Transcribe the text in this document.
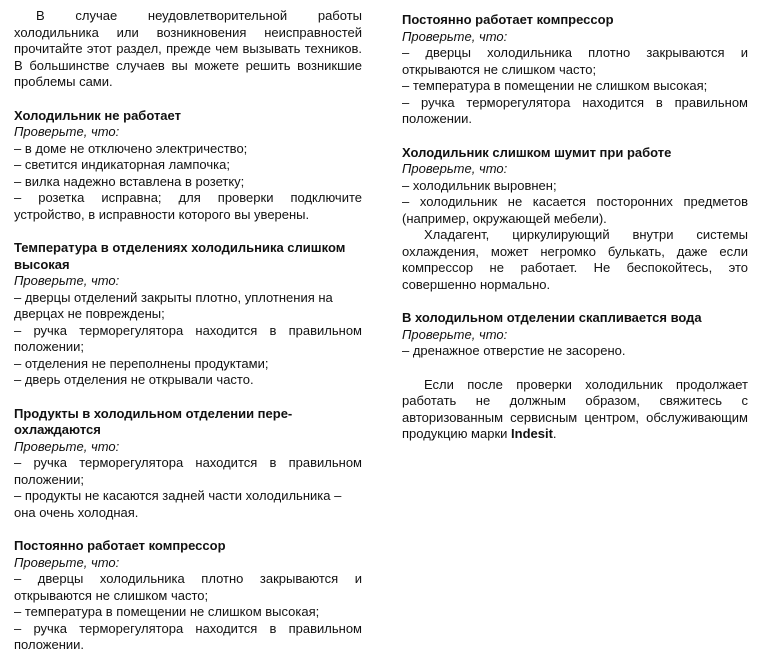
В случае неудовлетворительной работы холодильника или возникновения неисправностей прочитайте этот раздел, прежде чем вызывать техников. В большинстве случаев вы можете решить возникшие проблемы сами.

Холодильник не работает

Проверьте, что:

– в доме не отключено электричество;

– светится индикаторная лампочка;

– вилка надежно вставлена в розетку;

– розетка исправна; для проверки подключите устройство, в исправности которого вы уверены.

Температура в отделениях холодильника слишком высокая

Проверьте, что:

– дверцы отделений закрыты плотно, уплотнения на дверцах не повреждены;

– ручка терморегулятора находится в правильном положении;

– отделения не переполнены продуктами;

– дверь отделения не открывали часто.

Продукты в холодильном отделении пере-охлаждаются

Проверьте, что:

– ручка терморегулятора находится в правильном положении;

– продукты не касаются задней части холодильника – она очень холодная.

Постоянно работает компрессор

Проверьте, что:

– дверцы холодильника плотно закрываются и открываются не слишком часто;

– температура в помещении не слишком высокая;

– ручка терморегулятора находится в правильном положении.

Постоянно работает компрессор

Проверьте, что:

– дверцы холодильника плотно закрываются и открываются не слишком часто;

– температура в помещении не слишком высокая;

– ручка терморегулятора находится в правильном положении.

Холодильник слишком шумит при работе

Проверьте, что:

– холодильник выровнен;

– холодильник не касается посторонних предметов (например, окружающей мебели).

Хладагент, циркулирующий внутри системы охлаждения, может негромко булькать, даже если компрессор не работает. Не беспокойтесь, это совершенно нормально.

В холодильном отделении скапливается вода

Проверьте, что:

– дренажное отверстие не засорено.

Если после проверки холодильник продолжает работать не должным образом, свяжитесь с авторизованным сервисным центром, обслуживающим продукцию марки Indesit.
